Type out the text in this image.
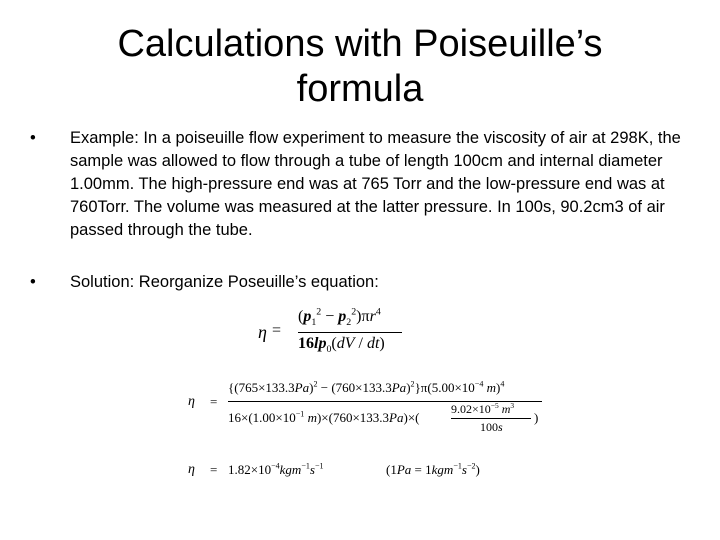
Calculations with Poiseuille’s formula
• Example: In a poiseuille flow experiment to measure the viscosity of air at 298K, the sample was allowed to flow through a tube of length 100cm and internal diameter 1.00mm. The high-pressure end was at 765 Torr and the low-pressure end was at 760Torr. The volume was measured at the latter pressure. In 100s, 90.2cm3 of air passed through the tube.
• Solution: Reorganize Poseuille’s equation:
η =
$(p_1^2 - p_2^2)\pi r^4$
$16lp_0(dV / dt)$
η =
$\{(765\times 133.3Pa)^2 - (760\times 133.3Pa)^2\}\pi(5.00\times 10^{-4}$ m)$^4$
$16\times(1.00\times 10^{-1}$ m)×(760×133.3Pa)×(
$9.02\times 10^{-5}$ $m^3$
100s
)
$\eta = 1.82\times 10^{-4}kgm^{-1}s^{-1}$	$(1Pa = 1kgm^{-1}s^{-2})$
